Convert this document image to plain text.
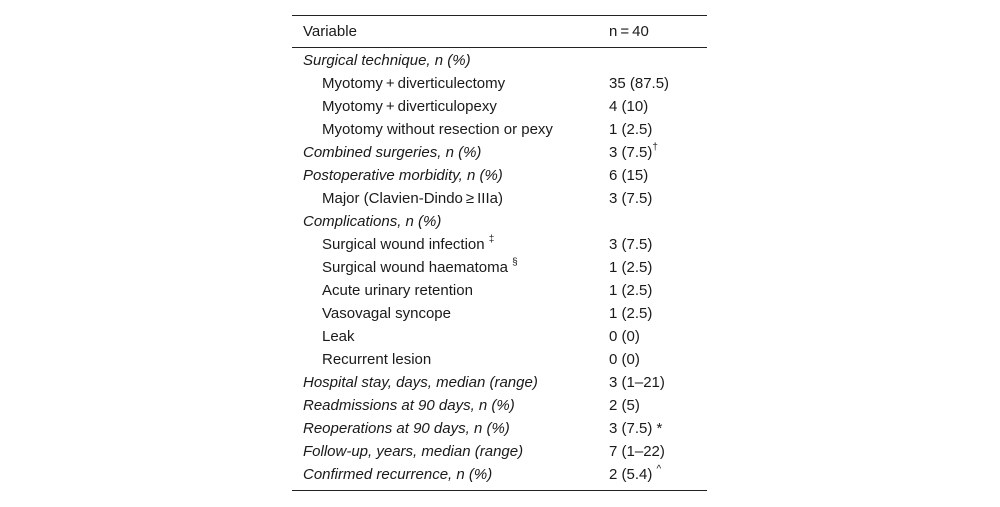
Variable	n = 40
Surgical technique, n (%)
Myotomy + diverticulectomy	35 (87.5)
Myotomy + diverticulopexy	4 (10)
Myotomy without resection or pexy	1 (2.5)
Combined surgeries, n (%)	3 (7.5)†
Postoperative morbidity, n (%)	6 (15)
Major (Clavien-Dindo ≥ IIIa)	3 (7.5)
Complications, n (%)
Surgical wound infection ‡	3 (7.5)
Surgical wound haematoma §	1 (2.5)
Acute urinary retention	1 (2.5)
Vasovagal syncope	1 (2.5)
Leak	0 (0)
Recurrent lesion	0 (0)
Hospital stay, days, median (range)	3 (1–21)
Readmissions at 90 days, n (%)	2 (5)
Reoperations at 90 days, n (%)	3 (7.5) *
Follow-up, years, median (range)	7 (1–22)
Confirmed recurrence, n (%)	2 (5.4) ^
